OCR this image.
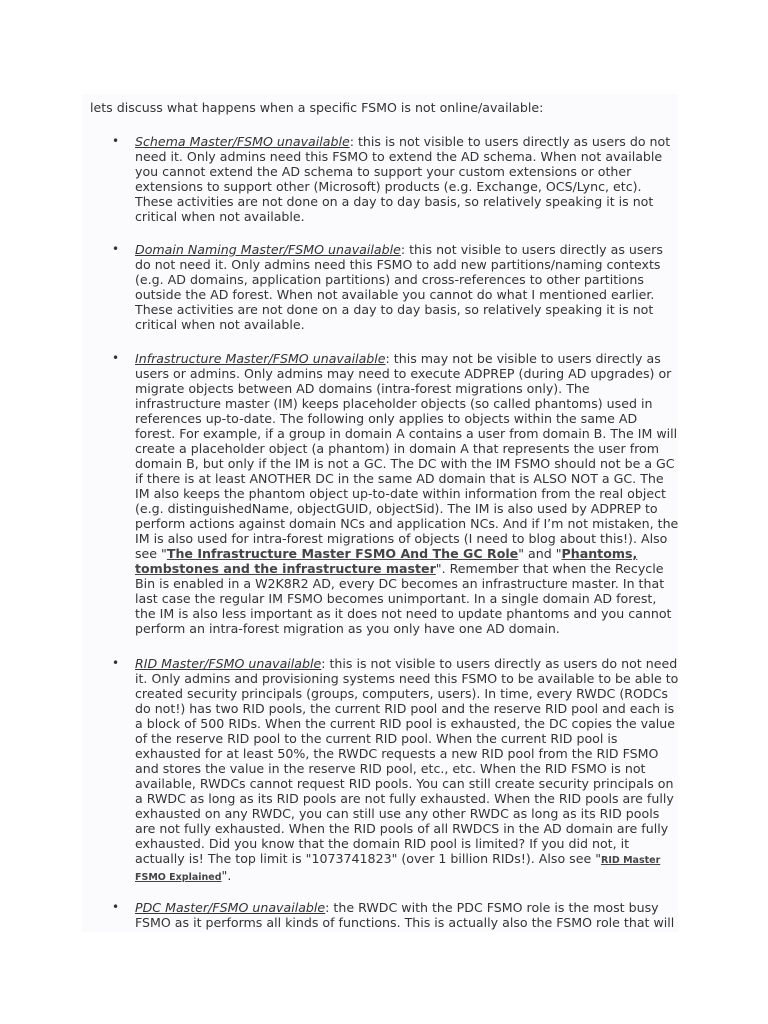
lets discuss what happens when a specific FSMO is not online/available:
• Schema Master/FSMO unavailable: this is not visible to users directly as users do not
need it. Only admins need this FSMO to extend the AD schema. When not available
you cannot extend the AD schema to support your custom extensions or other
extensions to support other (Microsoft) products (e.g. Exchange, OCS/Lync, etc).
These activities are not done on a day to day basis, so relatively speaking it is not
critical when not available.
• Domain Naming Master/FSMO unavailable: this not visible to users directly as users
do not need it. Only admins need this FSMO to add new partitions/naming contexts
(e.g. AD domains, application partitions) and cross-references to other partitions
outside the AD forest. When not available you cannot do what I mentioned earlier.
These activities are not done on a day to day basis, so relatively speaking it is not
critical when not available.
• Infrastructure Master/FSMO unavailable: this may not be visible to users directly as
users or admins. Only admins may need to execute ADPREP (during AD upgrades) or
migrate objects between AD domains (intra-forest migrations only). The
infrastructure master (IM) keeps placeholder objects (so called phantoms) used in
references up-to-date. The following only applies to objects within the same AD
forest. For example, if a group in domain A contains a user from domain B. The IM will
create a placeholder object (a phantom) in domain A that represents the user from
domain B, but only if the IM is not a GC. The DC with the IM FSMO should not be a GC
if there is at least ANOTHER DC in the same AD domain that is ALSO NOT a GC. The
IM also keeps the phantom object up-to-date within information from the real object
(e.g. distinguishedName, objectGUID, objectSid). The IM is also used by ADPREP to
perform actions against domain NCs and application NCs. And if I’m not mistaken, the
IM is also used for intra-forest migrations of objects (I need to blog about this!). Also
see "The Infrastructure Master FSMO And The GC Role" and "Phantoms,
tombstones and the infrastructure master". Remember that when the Recycle
Bin is enabled in a W2K8R2 AD, every DC becomes an infrastructure master. In that
last case the regular IM FSMO becomes unimportant. In a single domain AD forest,
the IM is also less important as it does not need to update phantoms and you cannot
perform an intra-forest migration as you only have one AD domain.
• RID Master/FSMO unavailable: this is not visible to users directly as users do not need
it. Only admins and provisioning systems need this FSMO to be available to be able to
created security principals (groups, computers, users). In time, every RWDC (RODCs
do not!) has two RID pools, the current RID pool and the reserve RID pool and each is
a block of 500 RIDs. When the current RID pool is exhausted, the DC copies the value
of the reserve RID pool to the current RID pool. When the current RID pool is
exhausted for at least 50%, the RWDC requests a new RID pool from the RID FSMO
and stores the value in the reserve RID pool, etc., etc. When the RID FSMO is not
available, RWDCs cannot request RID pools. You can still create security principals on
a RWDC as long as its RID pools are not fully exhausted. When the RID pools are fully
exhausted on any RWDC, you can still use any other RWDC as long as its RID pools
are not fully exhausted. When the RID pools of all RWDCS in the AD domain are fully
exhausted. Did you know that the domain RID pool is limited? If you did not, it
actually is! The top limit is "1073741823" (over 1 billion RIDs!). Also see "RID Master
FSMO Explained".
• PDC Master/FSMO unavailable: the RWDC with the PDC FSMO role is the most busy
FSMO as it performs all kinds of functions. This is actually also the FSMO role that will
